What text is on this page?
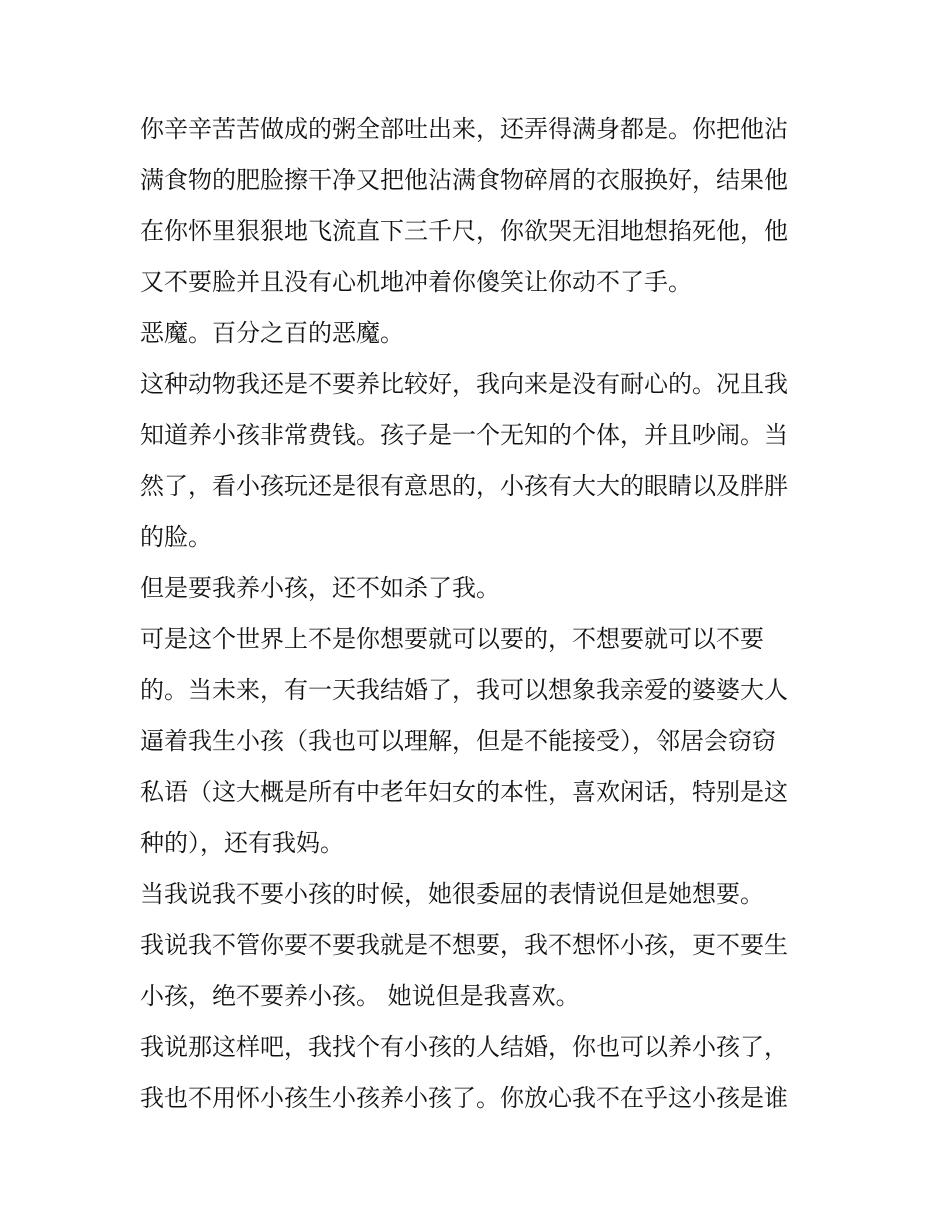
你辛辛苦苦做成的粥全部吐出来，还弄得满身都是。你把他沾
满食物的肥脸擦干净又把他沾满食物碎屑的衣服换好，结果他
在你怀里狠狠地飞流直下三千尺，你欲哭无泪地想掐死他，他
又不要脸并且没有心机地冲着你傻笑让你动不了手。
恶魔。百分之百的恶魔。
这种动物我还是不要养比较好，我向来是没有耐心的。况且我
知道养小孩非常费钱。孩子是一个无知的个体，并且吵闹。当
然了，看小孩玩还是很有意思的，小孩有大大的眼睛以及胖胖
的脸。
但是要我养小孩，还不如杀了我。
可是这个世界上不是你想要就可以要的，不想要就可以不要
的。当未来，有一天我结婚了，我可以想象我亲爱的婆婆大人
逼着我生小孩（我也可以理解，但是不能接受），邻居会窃窃
私语（这大概是所有中老年妇女的本性，喜欢闲话，特别是这
种的），还有我妈。
当我说我不要小孩的时候，她很委屈的表情说但是她想要。
我说我不管你要不要我就是不想要，我不想怀小孩，更不要生
小孩，绝不要养小孩。 她说但是我喜欢。
我说那这样吧，我找个有小孩的人结婚，你也可以养小孩了，
我也不用怀小孩生小孩养小孩了。你放心我不在乎这小孩是谁
